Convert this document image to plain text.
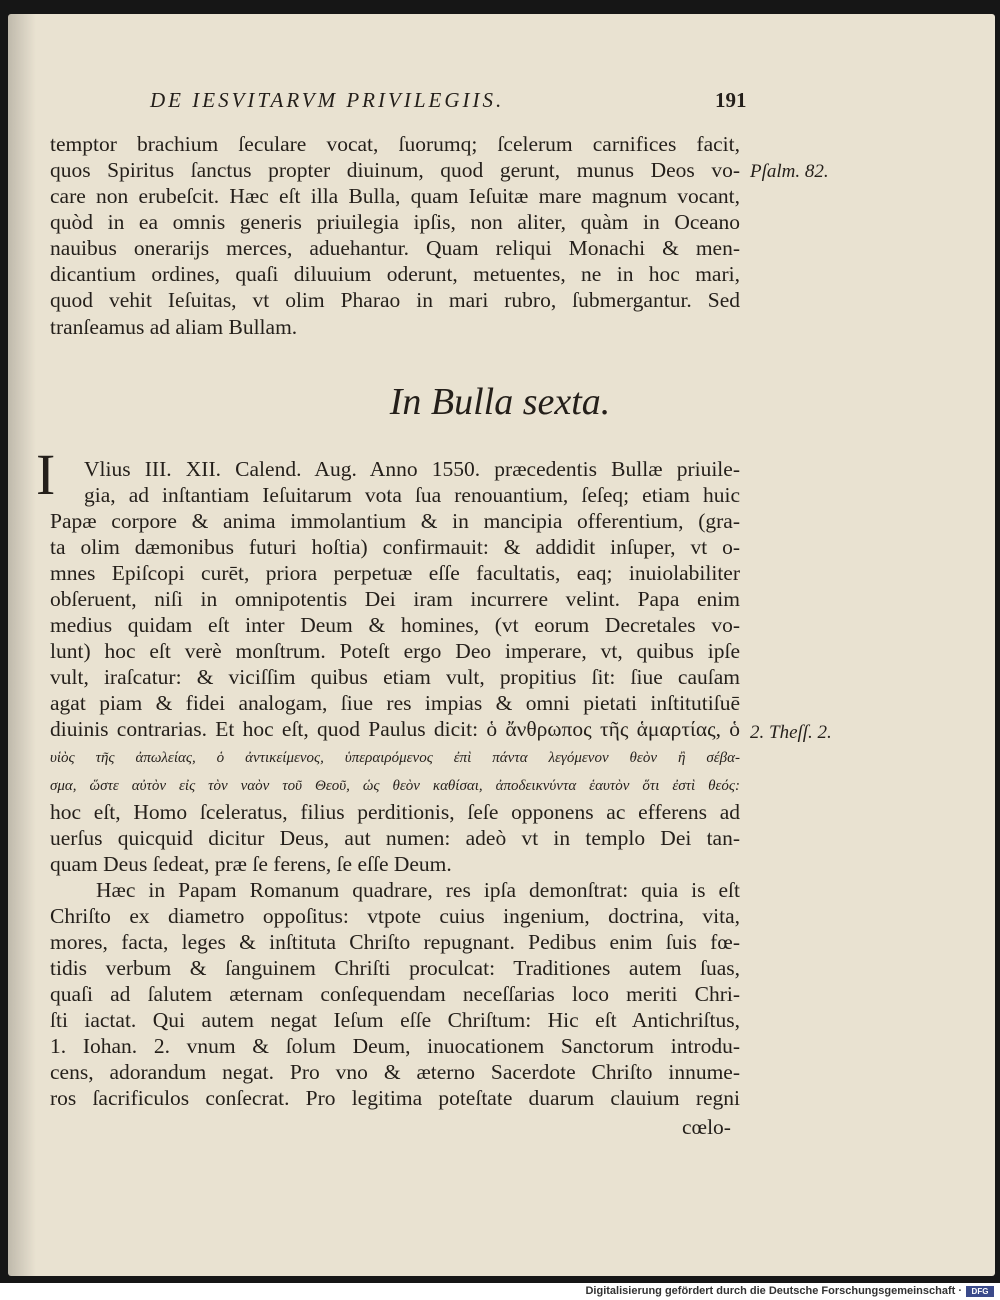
DE IESVITARVM PRIVILEGIIS.	191

temptor brachium ſeculare vocat, ſuorumq; ſcelerum carnifices facit,

quos Spiritus ſanctus propter diuinum, quod gerunt, munus Deos vo-

care non erubeſcit. Hæc eſt illa Bulla, quam Ieſuitæ mare magnum vocant,

quòd in ea omnis generis priuilegia ipſis, non aliter, quàm in Oceano

nauibus onerarijs merces, aduehantur. Quam reliqui Monachi & men-

dicantium ordines, quaſi diluuium oderunt, metuentes, ne in hoc mari,

quod vehit Ieſuitas, vt olim Pharao in mari rubro, ſubmergantur. Sed

tranſeamus ad aliam Bullam.

Pſalm. 82.
In Bulla sexta.
I Vlius III. XII. Calend. Aug. Anno 1550. præcedentis Bullæ priuile-

gia, ad inſtantiam Ieſuitarum vota ſua renouantium, ſeſeq; etiam huic

Papæ corpore & anima immolantium & in mancipia offerentium, (gra-

ta olim dæmonibus futuri hoſtia) confirmauit: & addidit inſuper, vt o-

mnes Epiſcopi curēt, priora perpetuæ eſſe facultatis, eaq; inuiolabiliter

obſeruent, niſi in omnipotentis Dei iram incurrere velint. Papa enim

medius quidam eſt inter Deum & homines, (vt eorum Decretales vo-

lunt) hoc eſt verè monſtrum. Poteſt ergo Deo imperare, vt, quibus ipſe

vult, iraſcatur: & viciſſim quibus etiam vult, propitius ſit: ſiue cauſam

agat piam & fidei analogam, ſiue res impias & omni pietati inſtitutiſuē

diuinis contrarias. Et hoc eſt, quod Paulus dicit: ὁ ἄνθρωπος τῆς ἁμαρτίας, ὁ

υἱὸς τῆς ἀπωλείας, ὁ ἀντικείμενος, ὑπεραιρόμενος ἐπὶ πάντα λεγόμενον θεὸν ἢ σέβα-

σμα, ὥστε αὐτὸν εἰς τὸν ναὸν τοῦ Θεοῦ, ὡς θεὸν καθίσαι, ἀποδεικνύντα ἑαυτὸν ὅτι ἐστὶ θεός:

hoc eſt, Homo ſceleratus, filius perditionis, ſeſe opponens ac efferens ad

uerſus quicquid dicitur Deus, aut numen: adeò vt in templo Dei tan-

quam Deus ſedeat, præ ſe ferens, ſe eſſe Deum.

Hæc in Papam Romanum quadrare, res ipſa demonſtrat: quia is eſt

Chriſto ex diametro oppoſitus: vtpote cuius ingenium, doctrina, vita,

mores, facta, leges & inſtituta Chriſto repugnant. Pedibus enim ſuis fœ-

tidis verbum & ſanguinem Chriſti proculcat: Traditiones autem ſuas,

quaſi ad ſalutem æternam conſequendam neceſſarias loco meriti Chri-

ſti iactat. Qui autem negat Ieſum eſſe Chriſtum: Hic eſt Antichriſtus,

1. Iohan. 2. vnum & ſolum Deum, inuocationem Sanctorum introdu-

cens, adorandum negat. Pro vno & æterno Sacerdote Chriſto innume-

ros ſacrificulos conſecrat. Pro legitima poteſtate duarum clauium regni

2. Theſſ. 2.
cœlo-
Digitalisierung gefördert durch die Deutsche Forschungsgemeinschaft ·	DFG
